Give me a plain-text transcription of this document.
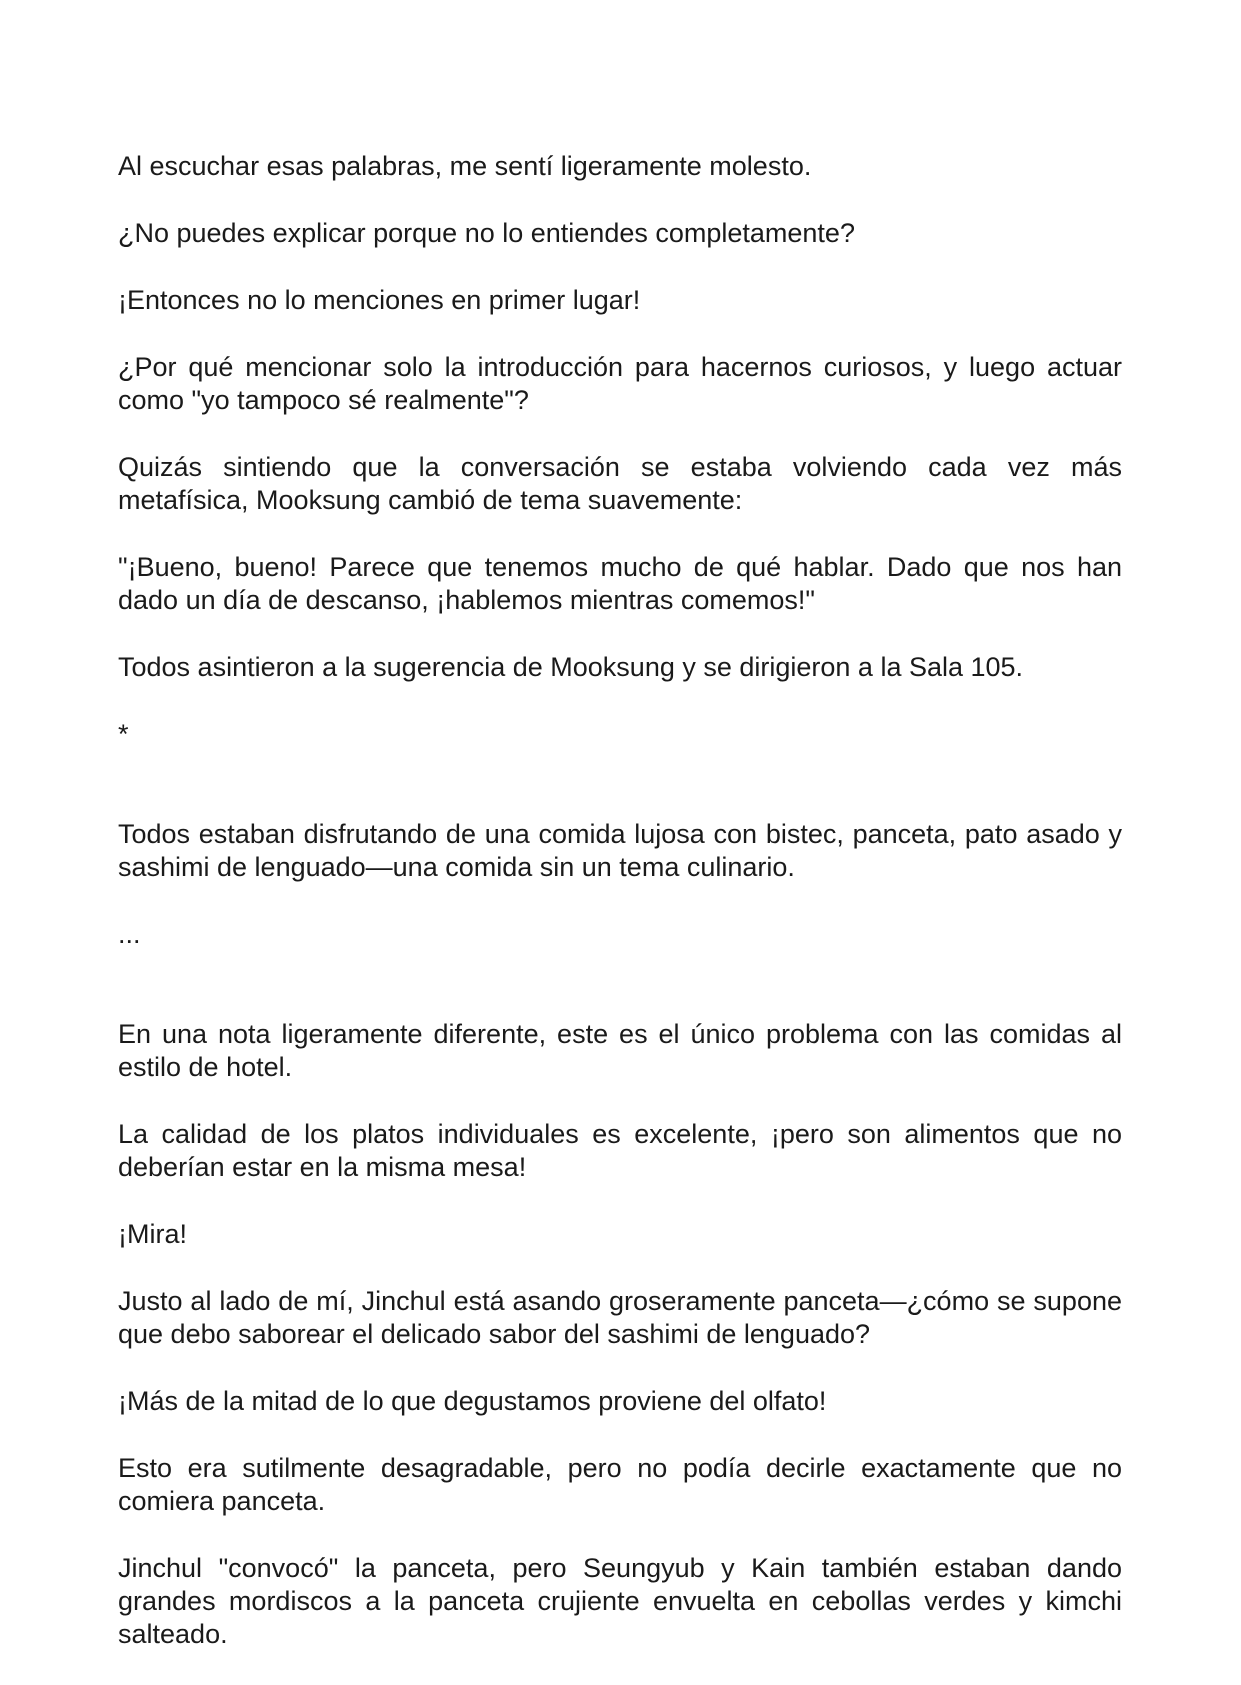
Al escuchar esas palabras, me sentí ligeramente molesto.

¿No puedes explicar porque no lo entiendes completamente?

¡Entonces no lo menciones en primer lugar!

¿Por qué mencionar solo la introducción para hacernos curiosos, y luego actuar como "yo tampoco sé realmente"?

Quizás sintiendo que la conversación se estaba volviendo cada vez más metafísica, Mooksung cambió de tema suavemente:

"¡Bueno, bueno! Parece que tenemos mucho de qué hablar. Dado que nos han dado un día de descanso, ¡hablemos mientras comemos!"

Todos asintieron a la sugerencia de Mooksung y se dirigieron a la Sala 105.

*

Todos estaban disfrutando de una comida lujosa con bistec, panceta, pato asado y sashimi de lenguado—una comida sin un tema culinario.

...

En una nota ligeramente diferente, este es el único problema con las comidas al estilo de hotel.

La calidad de los platos individuales es excelente, ¡pero son alimentos que no deberían estar en la misma mesa!

¡Mira!

Justo al lado de mí, Jinchul está asando groseramente panceta—¿cómo se supone que debo saborear el delicado sabor del sashimi de lenguado?

¡Más de la mitad de lo que degustamos proviene del olfato!

Esto era sutilmente desagradable, pero no podía decirle exactamente que no comiera panceta.

Jinchul "convocó" la panceta, pero Seungyub y Kain también estaban dando grandes mordiscos a la panceta crujiente envuelta en cebollas verdes y kimchi salteado.
